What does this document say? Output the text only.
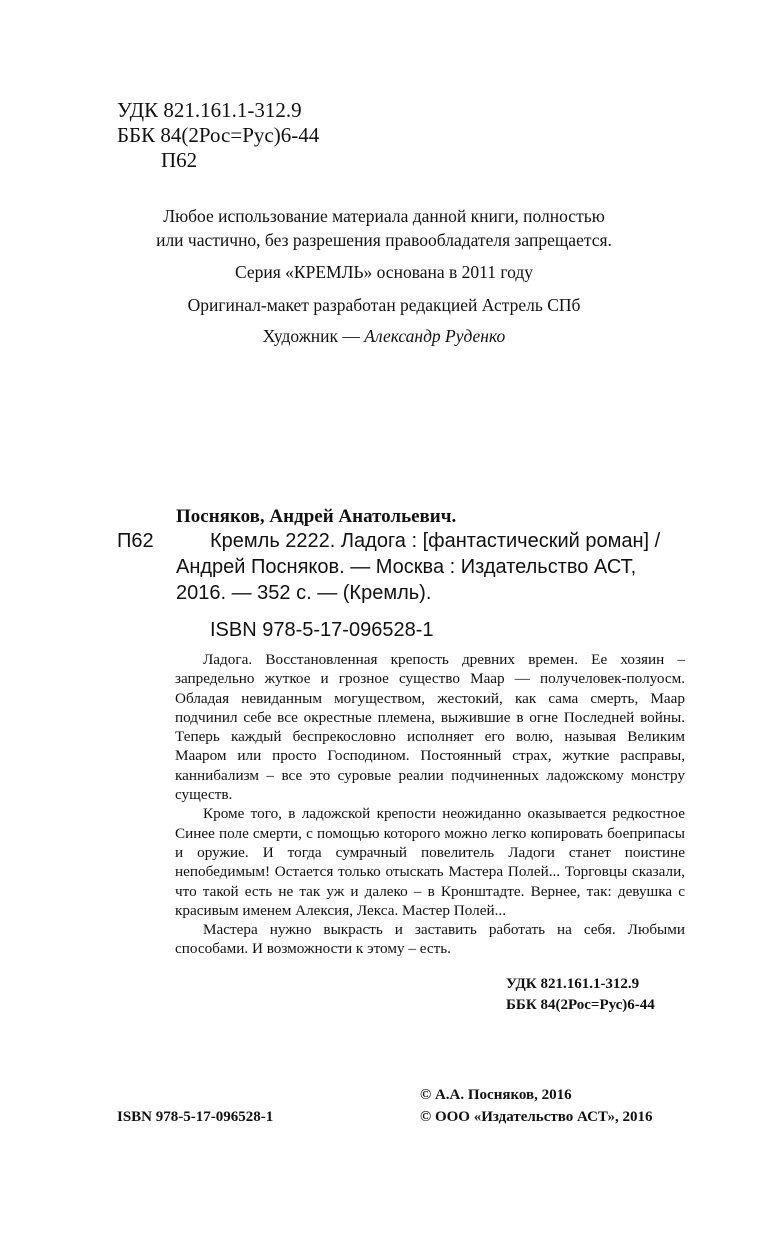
УДК 821.161.1-312.9
ББК 84(2Рос=Рус)6-44
П62
Любое использование материала данной книги, полностью
или частично, без разрешения правообладателя запрещается.
Серия «КРЕМЛЬ» основана в 2011 году
Оригинал-макет разработан редакцией Астрель СПб
Художник — Александр Руденко
Посняков, Андрей Анатольевич.
П62	Кремль 2222. Ладога : [фантастический роман] /
Андрей Посняков. — Москва : Издательство АСТ,
2016. — 352 с. — (Кремль).
ISBN 978-5-17-096528-1

Ладога. Восстановленная крепость древних времен. Ее хозяин – запредельно жуткое и грозное существо Маар — получеловек-полуосм. Обладая невиданным могуществом, жестокий, как сама смерть, Маар подчинил себе все окрестные племена, выжившие в огне Последней войны. Теперь каждый беспрекословно исполняет его волю, называя Великим Мааром или просто Господином. Постоянный страх, жуткие расправы, каннибализм – все это суровые реалии подчиненных ладожскому монстру существ.

Кроме того, в ладожской крепости неожиданно оказывается редкостное Синее поле смерти, с помощью которого можно легко копировать боеприпасы и оружие. И тогда сумрачный повелитель Ладоги станет поистине непобедимым! Остается только отыскать Мастера Полей... Торговцы сказали, что такой есть не так уж и далеко – в Кронштадте. Вернее, так: девушка с красивым именем Алексия, Лекса. Мастер Полей...

Мастера нужно выкрасть и заставить работать на себя. Любыми способами. И возможности к этому – есть.

УДК 821.161.1-312.9
ББК 84(2Рос=Рус)6-44
© А.А. Посняков, 2016
ISBN 978-5-17-096528-1	© ООО «Издательство АСТ», 2016
